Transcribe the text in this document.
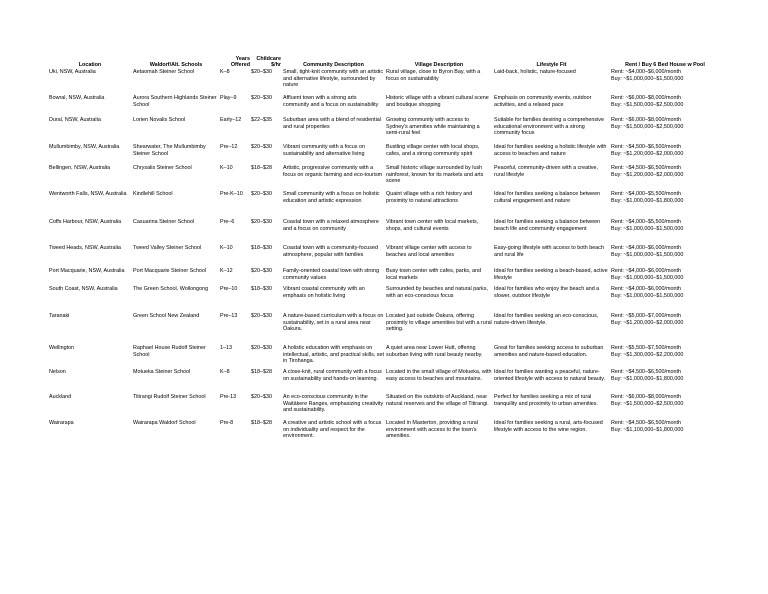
Location	Waldorf/Alt. Schools	Years Offered	Childcare $/hr	Community Description	Village Description	Lifestyle Fit	Rent / Buy 6 Bed House w Pool
Uki, NSW, Australia	Aetaomah Steiner School	K–8	$20–$30	Small, tight-knit community with an artistic and alternative lifestyle, surrounded by nature	Rural village, close to Byron Bay, with a focus on sustainability	Laid-back, holistic, nature-focused	Rent: ~$4,000–$6,000/month
Buy: ~$1,000,000–$1,500,000

Bowral, NSW, Australia	Aurora Southern Highlands Steiner School	Play–9	$20–$30	Affluent town with a strong arts community and a focus on sustainability	Historic village with a vibrant cultural scene and boutique shopping	Emphasis on community events, outdoor activities, and a relaxed pace	Rent: ~$6,000–$8,000/month
Buy: ~$1,500,000–$2,500,000

Dural, NSW, Australia	Lorien Novalis School	Early–12	$22–$35	Suburban area with a blend of residential and rural properties	Growing community with access to Sydney's amenities while maintaining a semi-rural feel	Suitable for families desiring a comprehensive educational environment with a strong community focus	Rent: ~$6,000–$8,000/month
Buy: ~$1,500,000–$2,500,000

Mullumbimby, NSW, Australia	Shearwater, The Mullumbimby Steiner School	Pre–12	$20–$30	Vibrant community with a focus on sustainability and alternative living	Bustling village center with local shops, cafes, and a strong community spirit	Ideal for families seeking a holistic lifestyle with access to beaches and nature	Rent: ~$4,500–$6,500/month
Buy: ~$1,200,000–$2,000,000

Bellingen, NSW, Australia	Chrysalis Steiner School	K–10	$18–$28	Artistic, progressive community with a focus on organic farming and eco-tourism	Small historic village surrounded by lush rainforest, known for its markets and arts scene	Peaceful, community-driven with a creative, rural lifestyle	Rent: ~$4,500–$6,500/month
Buy: ~$1,200,000–$2,000,000

Wentworth Falls, NSW, Australia	Kindlehill School	Pre-K–10	$20–$30	Small community with a focus on holistic education and artistic expression	Quaint village with a rich history and proximity to natural attractions	Ideal for families seeking a balance between cultural engagement and nature	Rent: ~$4,000–$5,500/month
Buy: ~$1,000,000–$1,800,000

Coffs Harbour, NSW, Australia	Casuarina Steiner School	Pre–6	$20–$30	Coastal town with a relaxed atmosphere and a focus on community	Vibrant town center with local markets, shops, and cultural events	Ideal for families seeking a balance between beach life and community engagement	Rent: ~$4,000–$5,500/month
Buy: ~$1,000,000–$1,500,000

Tweed Heads, NSW, Australia	Tweed Valley Steiner School	K–10	$18–$30	Coastal town with a community-focused atmosphere, popular with families	Vibrant village center with access to beaches and local amenities	Easy-going lifestyle with access to both beach and rural life	Rent: ~$4,000–$6,000/month
Buy: ~$1,000,000–$1,500,000

Port Macquarie, NSW, Australia	Port Macquarie Steiner School	K–12	$20–$30	Family-oriented coastal town with strong community values	Busy town center with cafes, parks, and local markets	Ideal for families seeking a beach-based, active lifestyle	Rent: ~$4,000–$6,000/month
Buy: ~$1,000,000–$1,500,000

South Coast, NSW, Australia	The Green School, Wollongong	Pre–10	$18–$30	Vibrant coastal community with an emphasis on holistic living	Surrounded by beaches and natural parks, with an eco-conscious focus	Ideal for families who enjoy the beach and a slower, outdoor lifestyle	Rent: ~$4,000–$6,000/month
Buy: ~$1,000,000–$1,500,000

Taranaki	Green School New Zealand	Pre–13	$20–$30	A nature-based curriculum with a focus on sustainability, set in a rural area near Ōakura.	Located just outside Ōakura, offering proximity to village amenities but with a rural setting.	Ideal for families seeking an eco-conscious, nature-driven lifestyle.	Rent: ~$5,000–$7,000/month
Buy: ~$1,200,000–$2,000,000

Wellington	Raphael House Rudolf Steiner School	1–13	$20–$30	A holistic education with emphasis on intellectual, artistic, and practical skills, set in Tirohanga.	A quiet area near Lower Hutt, offering suburban living with rural beauty nearby.	Great for families seeking access to suburban amenities and nature-based education.	Rent: ~$5,500–$7,500/month
Buy: ~$1,300,000–$2,200,000

Nelson	Motueka Steiner School	K–8	$18–$28	A close-knit, rural community with a focus on sustainability and hands-on learning.	Located in the small village of Motueka, with easy access to beaches and mountains.	Ideal for families wanting a peaceful, nature-oriented lifestyle with access to natural beauty.	Rent: ~$4,500–$6,500/month
Buy: ~$1,000,000–$1,800,000

Auckland	Titirangi Rudolf Steiner School	Pre-13	$20–$30	An eco-conscious community in the Waitākere Ranges, emphasizing creativity and sustainability.	Situated on the outskirts of Auckland, near natural reserves and the village of Titirangi.	Perfect for families seeking a mix of rural tranquility and proximity to urban amenities.	Rent: ~$6,000–$8,000/month
Buy: ~$1,500,000–$2,500,000

Wairarapa	Wairarapa Waldorf School	Pre-8	$18–$28	A creative and artistic school with a focus on individuality and respect for the environment.	Located in Masterton, providing a rural environment with access to the town's amenities.	Ideal for families seeking a rural, arts-focused lifestyle with access to the wine region.	Rent: ~$4,500–$6,500/month
Buy: ~$1,100,000–$1,800,000
